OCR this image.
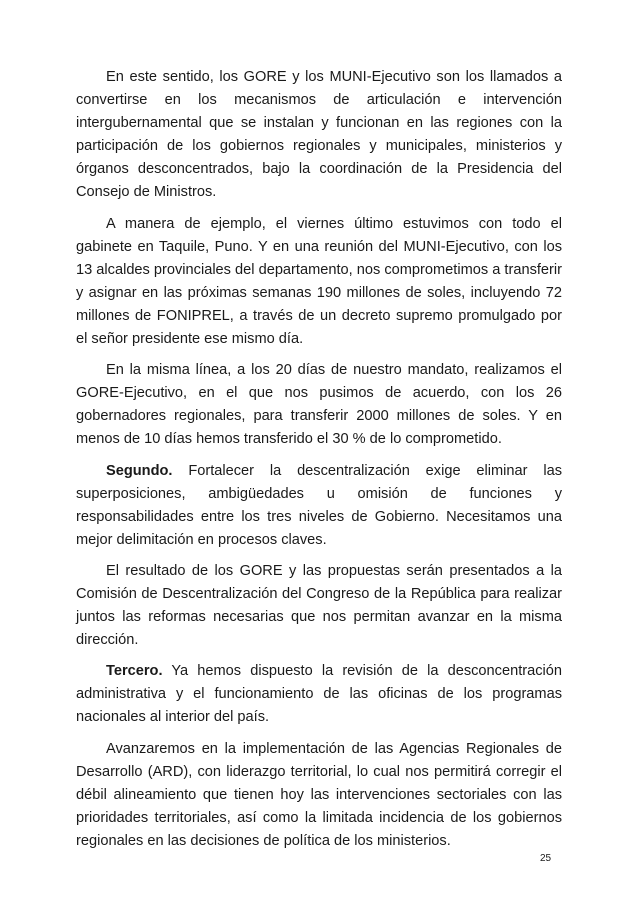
En este sentido, los GORE y los MUNI-Ejecutivo son los llamados a convertirse en los mecanismos de articulación e intervención intergubernamental que se instalan y funcionan en las regiones con la participación de los gobiernos regionales y municipales, ministerios y órganos desconcentrados, bajo la coordinación de la Presidencia del Consejo de Ministros.

A manera de ejemplo, el viernes último estuvimos con todo el gabinete en Taquile, Puno. Y en una reunión del MUNI-Ejecutivo, con los 13 alcaldes provinciales del departamento, nos comprometimos a transferir y asignar en las próximas semanas 190 millones de soles, incluyendo 72 millones de FONIPREL, a través de un decreto supremo promulgado por el señor presidente ese mismo día.

En la misma línea, a los 20 días de nuestro mandato, realizamos el GORE-Ejecutivo, en el que nos pusimos de acuerdo, con los 26 gobernadores regionales, para transferir 2000 millones de soles. Y en menos de 10 días hemos transferido el 30 % de lo comprometido.

Segundo. Fortalecer la descentralización exige eliminar las superposiciones, ambigüedades u omisión de funciones y responsabilidades entre los tres niveles de Gobierno. Necesitamos una mejor delimitación en procesos claves.

El resultado de los GORE y las propuestas serán presentados a la Comisión de Descentralización del Congreso de la República para realizar juntos las reformas necesarias que nos permitan avanzar en la misma dirección.

Tercero. Ya hemos dispuesto la revisión de la desconcentración administrativa y el funcionamiento de las oficinas de los programas nacionales al interior del país.

Avanzaremos en la implementación de las Agencias Regionales de Desarrollo (ARD), con liderazgo territorial, lo cual nos permitirá corregir el débil alineamiento que tienen hoy las intervenciones sectoriales con las prioridades territoriales, así como la limitada incidencia de los gobiernos regionales en las decisiones de política de los ministerios.

25
